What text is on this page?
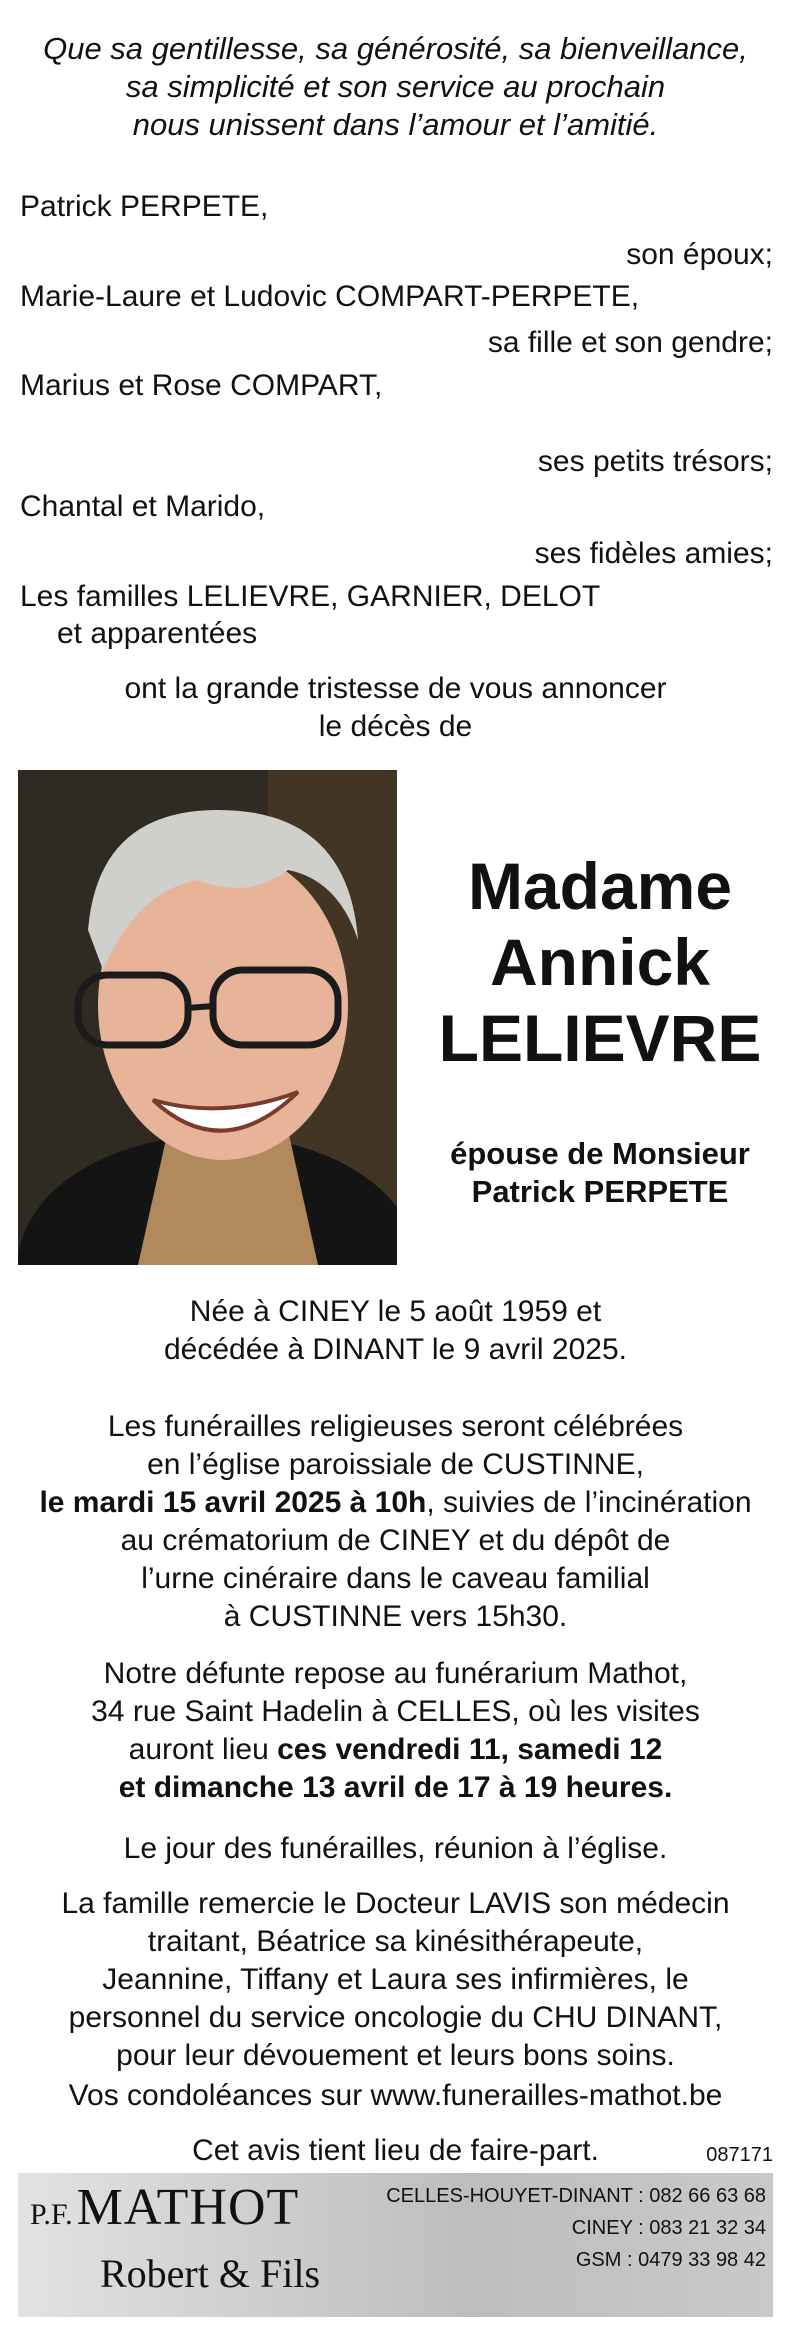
Que sa gentillesse, sa générosité, sa bienveillance,
sa simplicité et son service au prochain
nous unissent dans l’amour et l’amitié.
Patrick PERPETE,
son époux;
Marie-Laure et Ludovic COMPART-PERPETE,
sa fille et son gendre;
Marius et Rose COMPART,
ses petits trésors;
Chantal et Marido,
ses fidèles amies;
Les familles LELIEVRE, GARNIER, DELOT
et apparentées
ont la grande tristesse de vous annoncer
le décès de
Madame
Annick
LELIEVRE
épouse de Monsieur
Patrick PERPETE
Née à CINEY le 5 août 1959 et
décédée à DINANT le 9 avril 2025.
Les funérailles religieuses seront célébrées
en l’église paroissiale de CUSTINNE,
le mardi 15 avril 2025 à 10h, suivies de l’incinération
au crématorium de CINEY et du dépôt de
l’urne cinéraire dans le caveau familial
à CUSTINNE vers 15h30.
Notre défunte repose au funérarium Mathot,
34 rue Saint Hadelin à CELLES, où les visites
auront lieu ces vendredi 11, samedi 12
et dimanche 13 avril de 17 à 19 heures.
Le jour des funérailles, réunion à l’église.
La famille remercie le Docteur LAVIS son médecin
traitant, Béatrice sa kinésithérapeute,
Jeannine, Tiffany et Laura ses infirmières, le
personnel du service oncologie du CHU DINANT,
pour leur dévouement et leurs bons soins.
Vos condoléances sur www.funerailles-mathot.be
Cet avis tient lieu de faire-part.	087171
P.F. MATHOT
Robert & Fils
CELLES-HOUYET-DINANT : 082 66 63 68
CINEY : 083 21 32 34
GSM : 0479 33 98 42
